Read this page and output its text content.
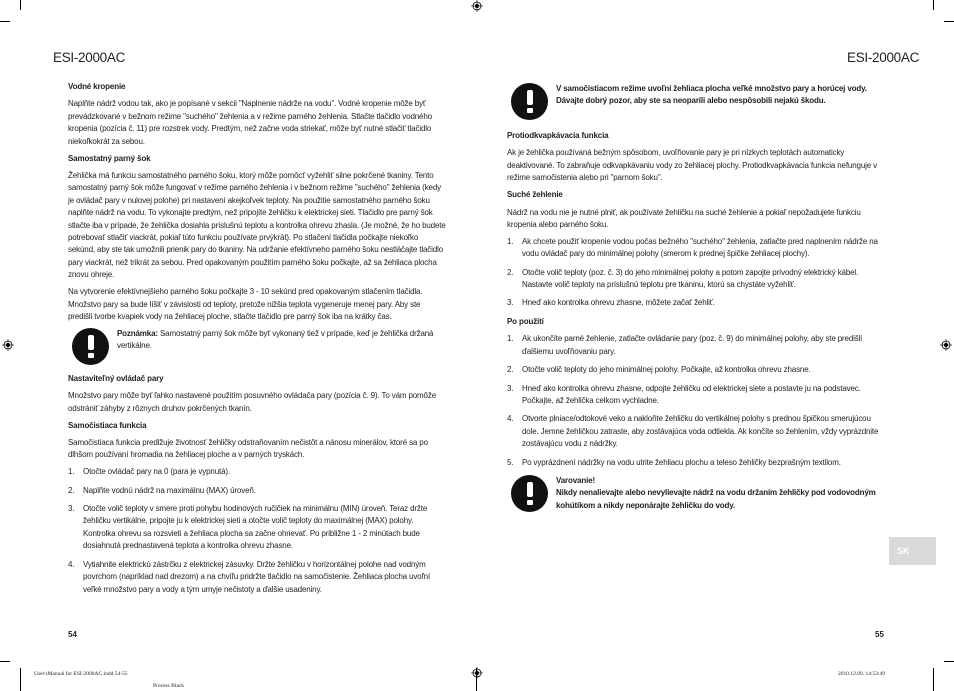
ESI-2000AC
Vodné kropenie

Naplňte nádrž vodou tak, ako je popísané v sekcii "Naplnenie nádržе na vodu". Vodné kropenie môže byť prevádzkované v bežnom režime "suchého" žehlenia a v režime parného žehlenia. Stlačte tlačidlo vodného kropenia (pozícia č. 11) pre rozstrek vody. Predtým, než začne voda striekať, môže byť nutné stlačiť tlačidlo niekoľkokrát za sebou.

Samostatný parný šok

Žehlička má funkciu samostatného parného šoku, ktorý môže pomôcť vyžehliť silne pokrčené tkaniny. Tento samostatný parný šok môže fungovať v režime parného žehlenia i v bežnom režime "suchého" žehlenia (kedy je ovládač pary v nulovej polohe) pri nastavení akejkoľvek teploty. Na použitie samostatného parného šoku naplňte nádrž na vodu. To vykonajte predtým, než pripojíte žehličku k elektrickej sieti. Tlačidlo pre parný šok stlačte iba v prípade, že žehlička dosiahla príslušnú teplotu a kontrolka ohrevu zhasla. (Je možné, že ho budete potrebovať stlačiť viackrát, pokiaľ túto funkciu používate prvýkrát). Po stlačení tlačidla počkajte niekoľko sekúnd, aby ste tak umožnili prienik pary do tkaniny. Na udržanie efektívneho parného šoku nestláčajte tlačidlo pary viackrát, než trikrát za sebou. Pred opakovaným použitím parného šoku počkajte, až sa žehliaca plocha znovu ohreje.

Na vytvorenie efektívnejšieho parného šoku počkajte 3 - 10 sekúnd pred opakovaným stlačením tlačidla. Množstvo pary sa bude líšiť v závislosti od teploty, pretože nižšia teplota vygeneruje menej pary. Aby ste predišli tvorbe kvapiek vody na žehliacej ploche, stlačte tlačidlo pre parný šok iba na krátky čas.

Poznámka: Samostatný parný šok môže byť vykonaný tiež v prípade, keď je žehlička držaná vertikálne.
Nastaviteľný ovládač pary

Množstvo pary môže byť ľahko nastavené použitím posuvného ovládača pary (pozícia č. 9). To vám pomôže odstrániť záhyby z rôznych druhov pokrčených tkanín.

Samočistiaca funkcia

Samočistiaca funkcia predlžuje životnosť žehličky odstraňovaním nečistôt a nánosu minerálov, ktoré sa po dlhšom používaní hromadia na žehliacej ploche a v parných tryskách.

1.	Otočte ovládač pary na 0 (para je vypnutá).
2.	Naplňte vodnú nádrž na maximálnu (MAX) úroveň.
3.	Otočte volič teploty v smere proti pohybu hodinových ručičiek na minimálnu (MIN) úroveň. Teraz držte žehličku vertikálne, pripojte ju k elektrickej sieti a otočte volič teploty do maximálnej (MAX) polohy. Kontrolka ohrevu sa rozsvieti a žehliaca plocha sa začne ohrievať. Po približne 1 - 2 minútach bude dosiahnutá prednastavená teplota a kontrolka ohrevu zhasne.
4.	Vytiahnite elektrickú zástrčku z elektrickej zásuvky. Držte žehličku v horizontálnej polohe nad vodným povrchom (napríklad nad drezom) a na chvíľu pridržte tlačidlo na samočistenie. Žehliaca plocha uvoľní veľké množstvo pary a vody a tým umyje nečistoty a ďalšie usadeniny.
54
ESI-2000AC
V samočistiacom režime uvoľní žehliaca plocha veľké množstvo pary a horúcej vody. Dávajte dobrý pozor, aby ste sa neoparili alebo nespôsobili nejakú škodu.
Protiodkvapkávacia funkcia

Ak je žehlička používaná bežným spôsobom, uvoľňovanie pary je pri nízkych teplotách automaticky deaktivované. To zabraňuje odkvapkávaniu vody zo žehliacej plochy. Protiodkvapkávacia funkcia nefunguje v režime samočistenia alebo pri "parnom šoku".

Suché žehlenie

Nádrž na vodu nie je nutné plniť, ak používate žehličku na suché žehlenie a pokiaľ nepožadujete funkciu kropenia alebo parného šoku.

1.	Ak chcete použiť kropenie vodou počas bežného "suchého" žehlenia, zatlačte pred naplnením nádrže na vodu ovládač pary do minimálnej polohy (smerom k prednej špičke žehliacej plochy).
2.	Otočte volič teploty (poz. č. 3) do jeho minimálnej polohy a potom zapojte prívodný elektrický kábel. Nastavte volič teploty na príslušnú teplotu pre tkaninu, ktorú sa chystáte vyžehliť.
3.	Hneď ako kontrolka ohrevu zhasne, môžete začať žehliť.
Po použití
1.	Ak ukončíte parné žehlenie, zatlačte ovládanie pary (poz. č. 9) do minimálnej polohy, aby ste predišli ďalšiemu uvoľňovaniu pary.
2.	Otočte volič teploty do jeho minimálnej polohy. Počkajte, až kontrolka ohrevu zhasne.
3.	Hneď ako kontrolka ohrevu zhasne, odpojte žehličku od elektrickej siete a postavte ju na podstavec. Počkajte, až žehlička celkom vychladne.
4.	Otvorte plniace/odtokové veko a nakloňte žehličku do vertikálnej polohy s prednou špičkou smerujúcou dole. Jemne žehličkou zatraste, aby zostávajúca voda odtiekla. Ak končíte so žehlením, vždy vyprázdnite zostávajúcu vodu z nádržky.
5.	Po vyprázdnení nádržky na vodu utrite žehliacu plochu a teleso žehličky bezprašným textilom.
Varovanie!
Nikdy nenalievajte alebo nevylievajte nádrž na vodu držaním žehličky pod vodovodným kohútikom a nikdy neponárajte žehličku do vody.
55
SK
User'sManual for ESI-2000AC.indd 54-55
Process Black
2010.12.09. 14:53:49
